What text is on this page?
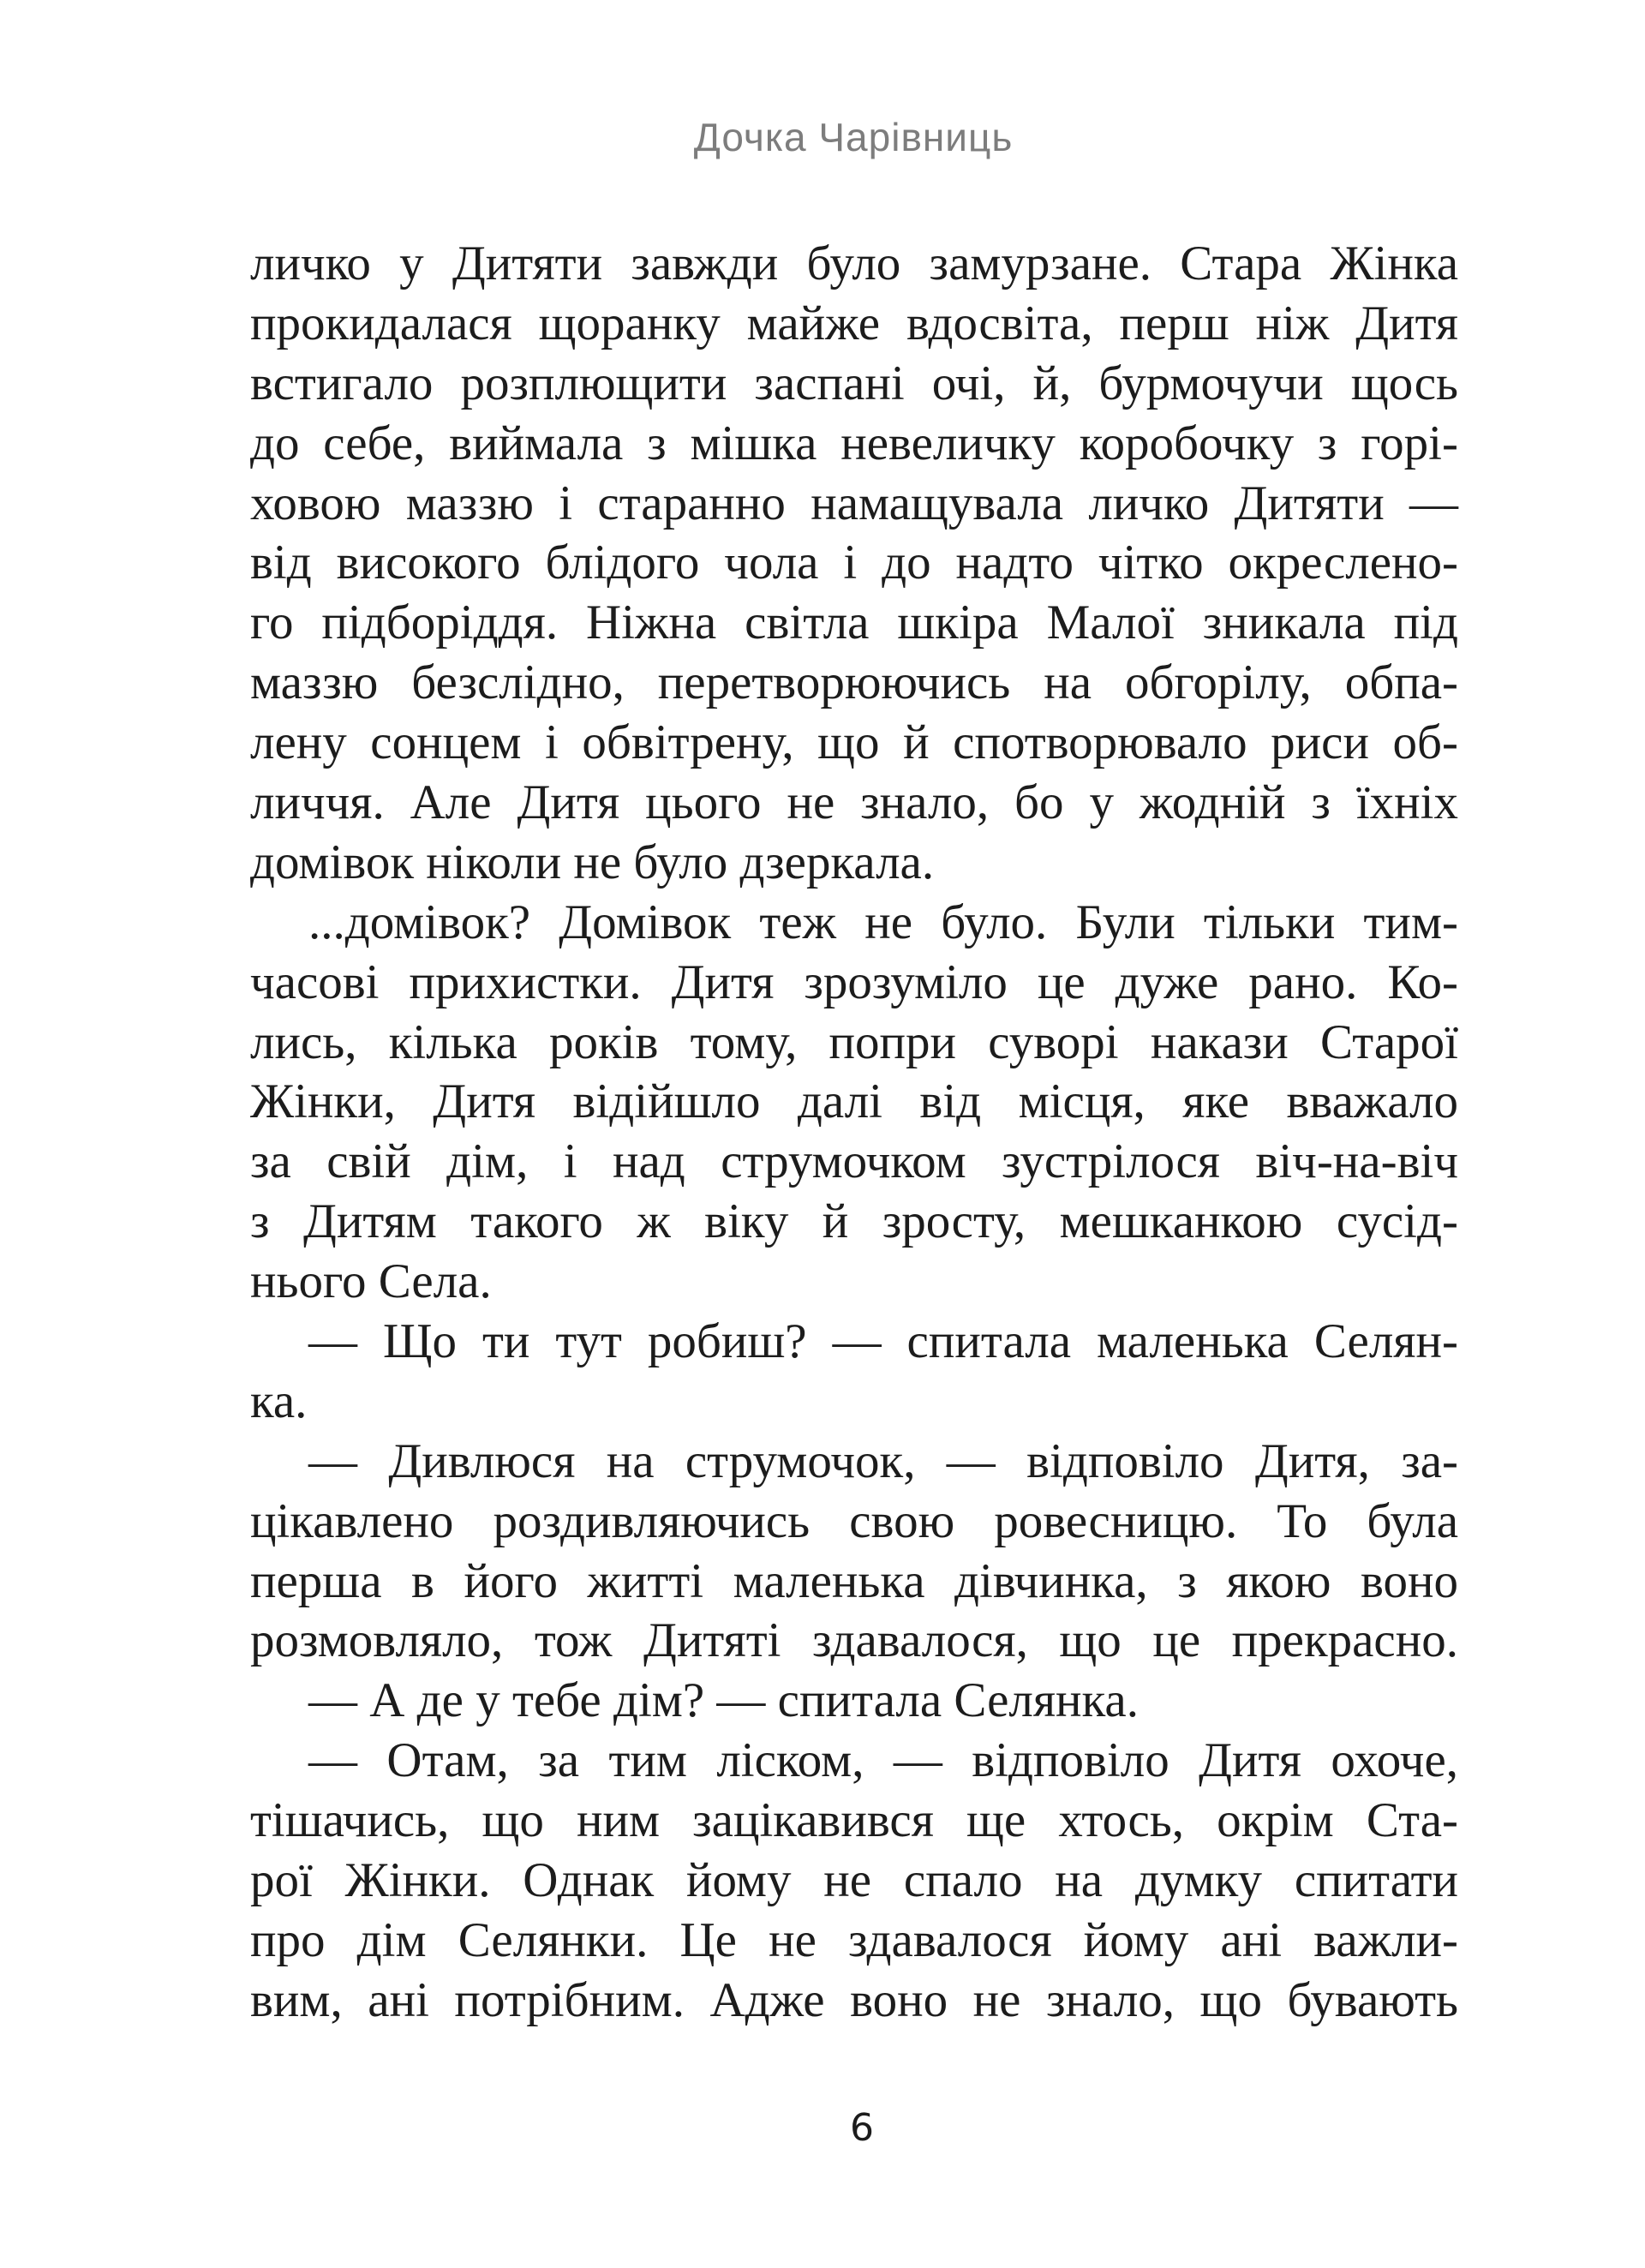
Дочка Чарівниць
личко у Дитяти завжди було замурзане. Стара Жінка
прокидалася щоранку майже вдосвіта, перш ніж Дитя
встигало розплющити заспані очі, й, бурмочучи щось
до себе, виймала з мішка невеличку коробочку з горі-
ховою маззю і старанно намащувала личко Дитяти —
від високого блідого чола і до надто чітко окреслено-
го підборіддя. Ніжна світла шкіра Малої зникала під
маззю безслідно, перетворюючись на обгорілу, обпа-
лену сонцем і обвітрену, що й спотворювало риси об-
личчя. Але Дитя цього не знало, бо у жодній з їхніх
домівок ніколи не було дзеркала.
...домівок? Домівок теж не було. Були тільки тим-
часові прихистки. Дитя зрозуміло це дуже рано. Ко-
лись, кілька років тому, попри суворі накази Старої
Жінки, Дитя відійшло далі від місця, яке вважало
за свій дім, і над струмочком зустрілося віч-на-віч
з Дитям такого ж віку й зросту, мешканкою сусід-
нього Села.
— Що ти тут робиш? — спитала маленька Селян-
ка.
— Дивлюся на струмочок, — відповіло Дитя, за-
цікавлено роздивляючись свою ровесницю. То була
перша в його житті маленька дівчинка, з якою воно
розмовляло, тож Дитяті здавалося, що це прекрасно.
— А де у тебе дім? — спитала Селянка.
— Отам, за тим ліском, — відповіло Дитя охоче,
тішачись, що ним зацікавився ще хтось, окрім Ста-
рої Жінки. Однак йому не спало на думку спитати
про дім Селянки. Це не здавалося йому ані важли-
вим, ані потрібним. Адже воно не знало, що бувають
6
